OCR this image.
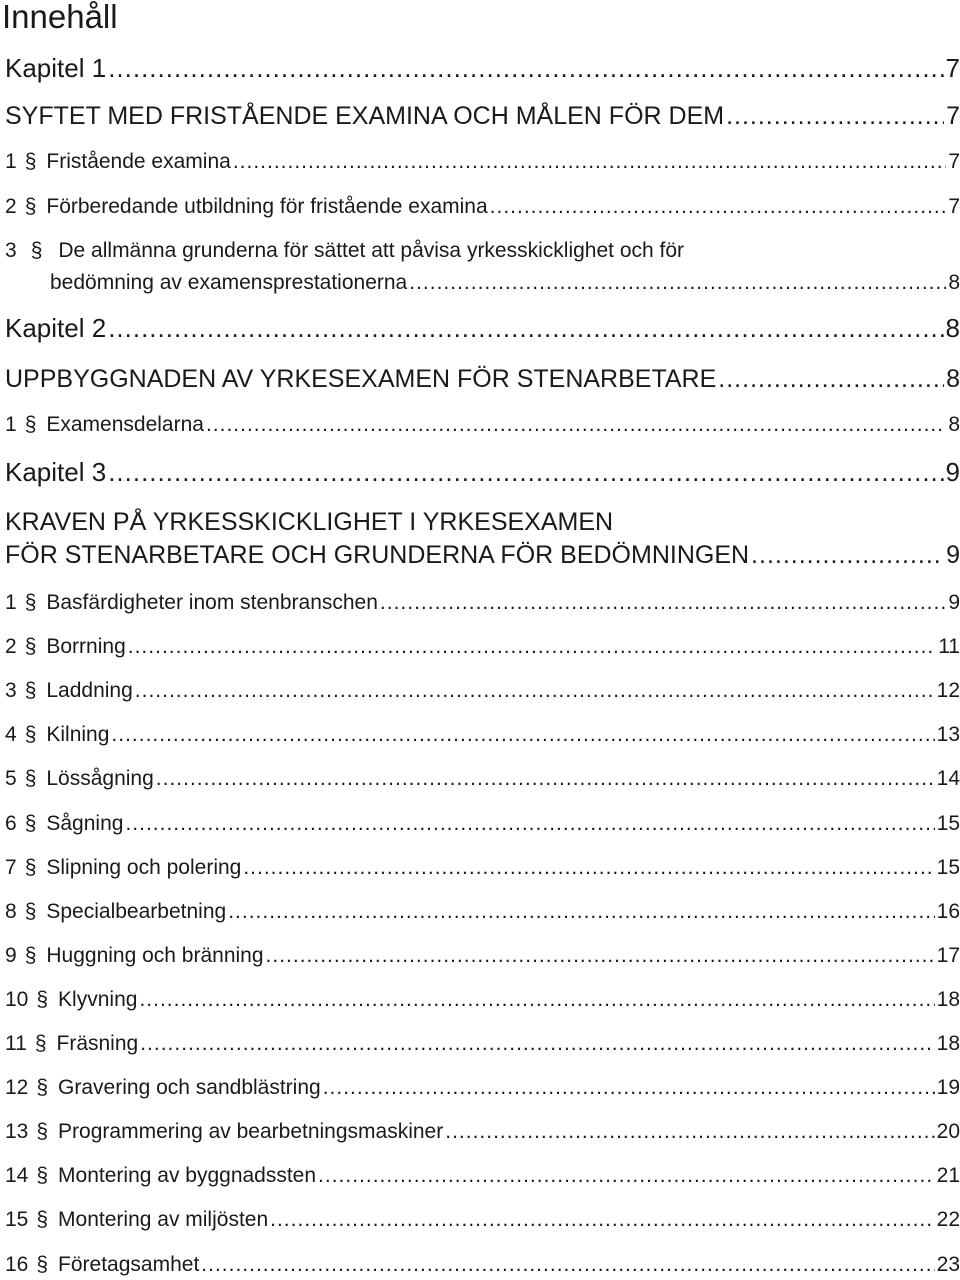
Innehåll
Kapitel 1 .....	7
SYFTET MED FRISTÅENDE EXAMINA OCH MÅLEN FÖR DEM .....	7
1 § Fristående examina .....	7
2 § Förberedande utbildning för fristående examina .....	7
3 § De allmänna grunderna för sättet att påvisa yrkesskicklighet och för
bedömning av examensprestationerna .....	8
Kapitel 2 .....	8
UPPBYGGNADEN AV YRKESEXAMEN FÖR STENARBETARE .....	8
1 § Examensdelarna .....	8
Kapitel 3 .....	9
KRAVEN PÅ YRKESSKICKLIGHET I YRKESEXAMEN
FÖR STENARBETARE OCH GRUNDERNA FÖR BEDÖMNINGEN .....	9
1 § Basfärdigheter inom stenbranschen .....	9
2 § Borrning .....	11
3 § Laddning .....	12
4 § Kilning .....	13
5 § Lössågning .....	14
6 § Sågning .....	15
7 § Slipning och polering .....	15
8 § Specialbearbetning .....	16
9 § Huggning och bränning .....	17
10 § Klyvning .....	18
11 § Fräsning .....	18
12 § Gravering och sandblästring .....	19
13 § Programmering av bearbetningsmaskiner .....	20
14 § Montering av byggnadssten .....	21
15 § Montering av miljösten .....	22
16 § Företagsamhet .....	23
